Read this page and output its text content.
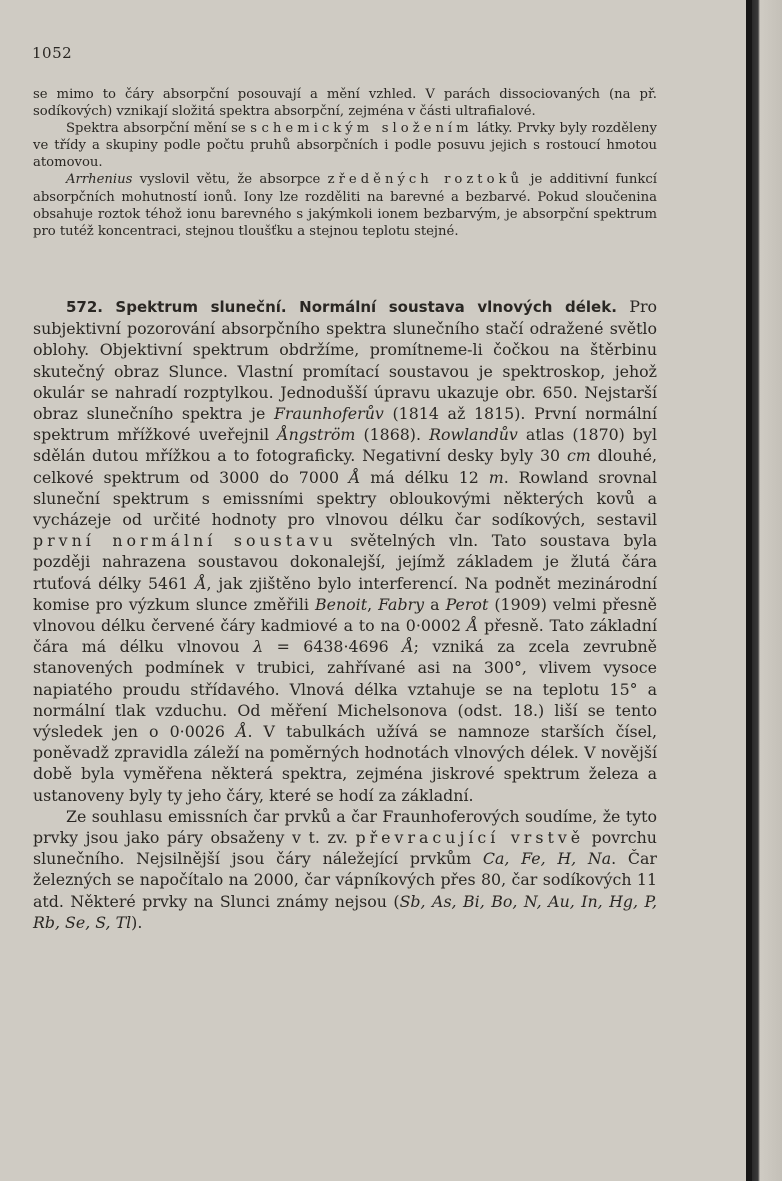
1052

se mimo to čáry absorpční posouvají a mění vzhled. V parách dissociovaných (na př. sodíkových) vznikají složitá spektra absorpční, zejména v části ultrafialové.

Spektra absorpční mění se s chemickým složením látky. Prvky byly rozděleny ve třídy a skupiny podle počtu pruhů absorpčních i podle posuvu jejich s rostoucí hmotou atomovou.

Arrhenius vyslovil větu, že absorpce zředěných roztoků je additivní funkcí absorpčních mohutností ionů. Iony lze rozděliti na barevné a bezbarvé. Pokud sloučenina obsahuje roztok téhož ionu barevného s jakýmkoli ionem bezbarvým, je absorpční spektrum pro tutéž koncentraci, stejnou tloušťku a stejnou teplotu stejné.

572. Spektrum sluneční. Normální soustava vlnových délek. Pro subjektivní pozorování absorpčního spektra slunečního stačí odražené světlo oblohy. Objektivní spektrum obdržíme, promítneme-li čočkou na štěrbinu skutečný obraz Slunce. Vlastní promítací soustavou je spektroskop, jehož okulár se nahradí rozptylkou. Jednodušší úpravu ukazuje obr. 650. Nejstarší obraz slunečního spektra je Fraunhoferův (1814 až 1815). První normální spektrum mřížkové uveřejnil Ångström (1868). Rowlandův atlas (1870) byl sdělán dutou mřížkou a to fotograficky. Negativní desky byly 30 cm dlouhé, celkové spektrum od 3000 do 7000 Å má délku 12 m. Rowland srovnal sluneční spektrum s emissními spektry obloukovými některých kovů a vycházeje od určité hodnoty pro vlnovou délku čar sodíkových, sestavil první normální soustavu světelných vln. Tato soustava byla později nahrazena soustavou dokonalejší, jejímž základem je žlutá čára rtuťová délky 5461 Å, jak zjištěno bylo interferencí. Na podnět mezinárodní komise pro výzkum slunce změřili Benoit, Fabry a Perot (1909) velmi přesně vlnovou délku červené čáry kadmiové a to na 0·0002 Å přesně. Tato základní čára má délku vlnovou λ = 6438·4696 Å; vzniká za zcela zevrubně stanovených podmínek v trubici, zahřívané asi na 300°, vlivem vysoce napiatého proudu střídavého. Vlnová délka vztahuje se na teplotu 15° a normální tlak vzduchu. Od měření Michelsonova (odst. 18.) liší se tento výsledek jen o 0·0026 Å. V tabulkách užívá se namnoze starších čísel, poněvadž zpravidla záleží na poměrných hodnotách vlnových délek. V novější době byla vyměřena některá spektra, zejména jiskrové spektrum železa a ustanoveny byly ty jeho čáry, které se hodí za základní.

Ze souhlasu emissních čar prvků a čar Fraunhoferových soudíme, že tyto prvky jsou jako páry obsaženy v t. zv. převracující vrstvě povrchu slunečního. Nejsilnější jsou čáry náležející prvkům Ca, Fe, H, Na. Čar železných se napočítalo na 2000, čar vápníkových přes 80, čar sodíkových 11 atd. Některé prvky na Slunci známy nejsou (Sb, As, Bi, Bo, N, Au, In, Hg, P, Rb, Se, S, Tl).
